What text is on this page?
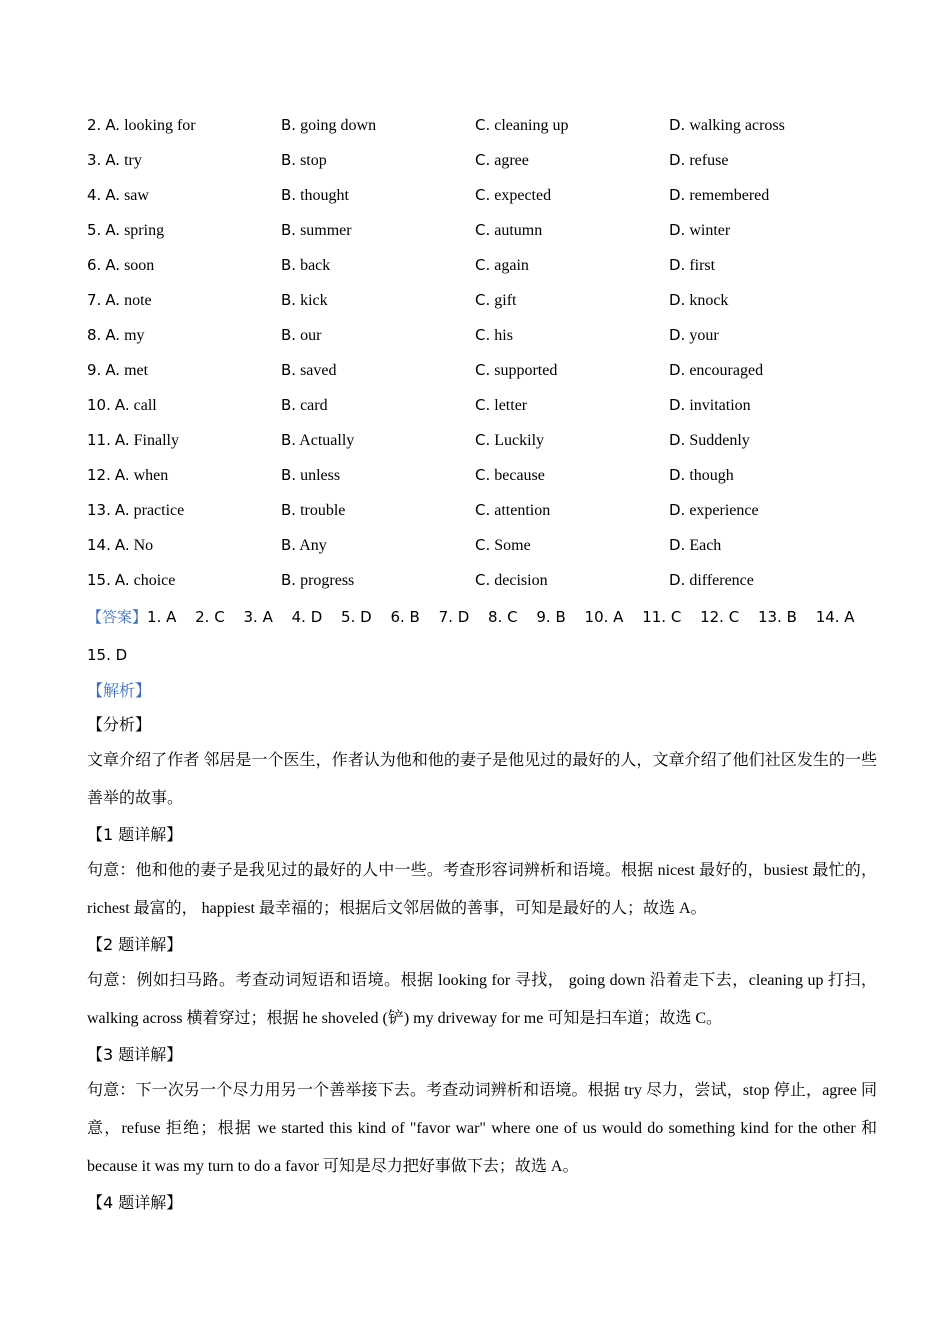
2. A. looking for	B. going down	C. cleaning up	D. walking across
3. A. try	B. stop	C. agree	D. refuse
4. A. saw	B. thought	C. expected	D. remembered
5. A. spring	B. summer	C. autumn	D. winter
6. A. soon	B. back	C. again	D. first
7. A. note	B. kick	C. gift	D. knock
8. A. my	B. our	C. his	D. your
9. A. met	B. saved	C. supported	D. encouraged
10. A. call	B. card	C. letter	D. invitation
11. A. Finally	B. Actually	C. Luckily	D. Suddenly
12. A. when	B. unless	C. because	D. though
13. A. practice	B. trouble	C. attention	D. experience
14. A. No	B. Any	C. Some	D. Each
15. A. choice	B. progress	C. decision	D. difference
【答案】1. A 2. C 3. A 4. D 5. D 6. B 7. D 8. C 9. B 10. A 11. C 12. C 13. B 14. A 15. D
【解析】
【分析】
文章介绍了作者 邻居是一个医生，作者认为他和他的妻子是他见过的最好的人，文章介绍了他们社区发生的一些善举的故事。
【1 题详解】
句意：他和他的妻子是我见过的最好的人中一些。考查形容词辨析和语境。根据 nicest 最好的，busiest 最忙的， richest 最富的， happiest 最幸福的；根据后文邻居做的善事，可知是最好的人；故选 A。
【2 题详解】
句意：例如扫马路。考查动词短语和语境。根据 looking for 寻找， going down 沿着走下去，cleaning up 打扫，walking across 横着穿过；根据 he shoveled (铲) my driveway for me 可知是扫车道；故选 C。
【3 题详解】
句意：下一次另一个尽力用另一个善举接下去。考查动词辨析和语境。根据 try 尽力，尝试，stop 停止，agree 同意，refuse 拒绝；根据 we started this kind of "favor war" where one of us would do something kind for the other 和 because it was my turn to do a favor 可知是尽力把好事做下去；故选 A。
【4 题详解】
